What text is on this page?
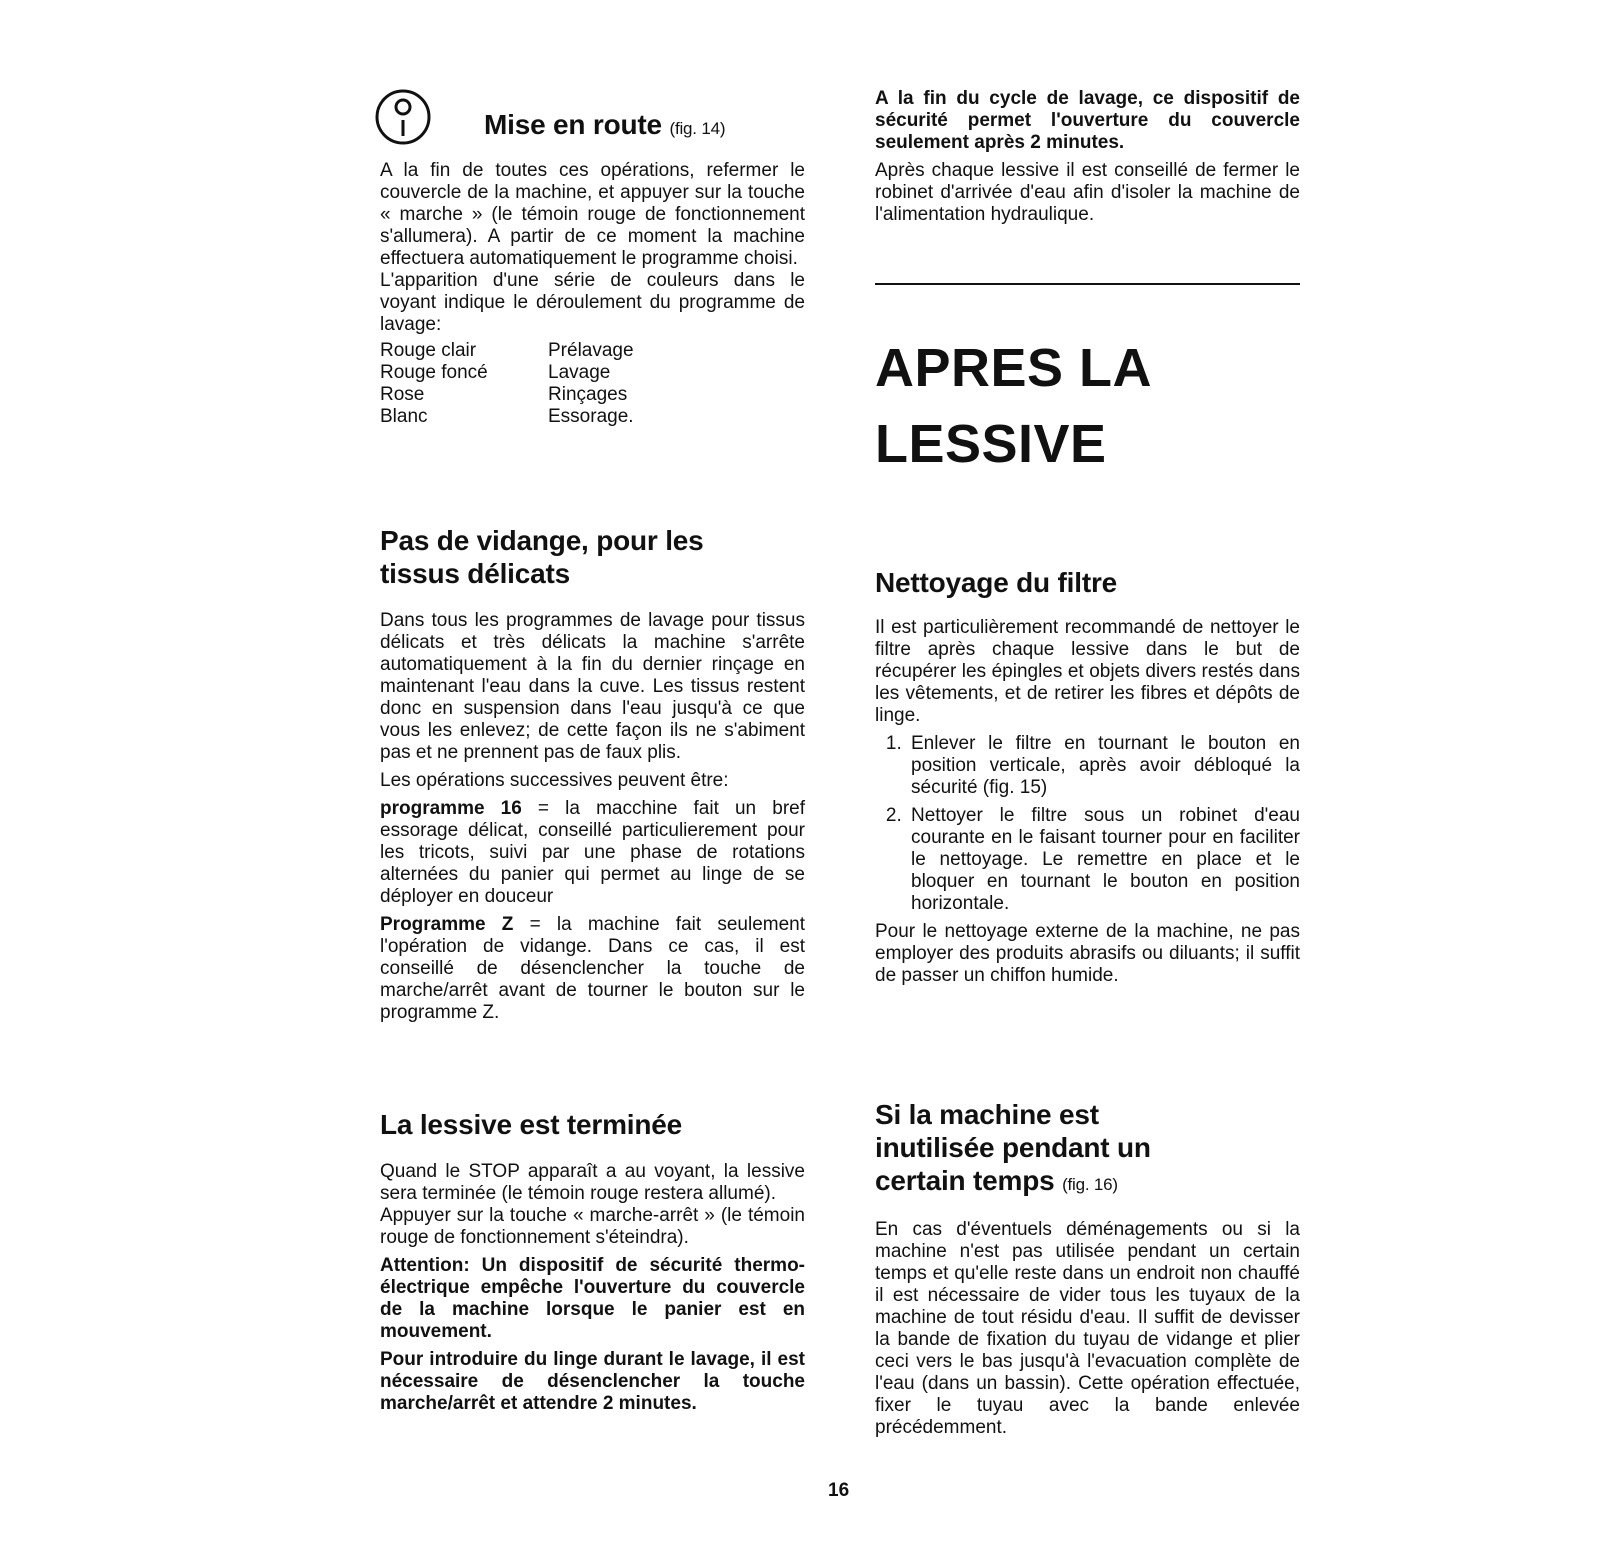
Mise en route (fig. 14)

A la fin de toutes ces opérations, refermer le couvercle de la machine, et appuyer sur la touche « marche » (le témoin rouge de fonctionnement s'allumera). A partir de ce moment la machine effectuera automatiquement le programme choisi.

L'apparition d'une série de couleurs dans le voyant indique le déroulement du programme de lavage:

Rouge clair	Prélavage
Rouge foncé	Lavage
Rose	Rinçages
Blanc	Essorage.
Pas de vidange, pour les
tissus délicats

Dans tous les programmes de lavage pour tissus délicats et très délicats la machine s'arrête automatiquement à la fin du dernier rinçage en maintenant l'eau dans la cuve. Les tissus restent donc en suspension dans l'eau jusqu'à ce que vous les enlevez; de cette façon ils ne s'abiment pas et ne prennent pas de faux plis.

Les opérations successives peuvent être:

programme 16 = la macchine fait un bref essorage délicat, conseillé particulierement pour les tricots, suivi par une phase de rotations alternées du panier qui permet au linge de se déployer en douceur

Programme Z = la machine fait seulement l'opération de vidange. Dans ce cas, il est conseillé de désenclencher la touche de marche/arrêt avant de tourner le bouton sur le programme Z.

La lessive est terminée

Quand le STOP apparaît a au voyant, la lessive sera terminée (le témoin rouge restera allumé).

Appuyer sur la touche « marche-arrêt » (le témoin rouge de fonctionnement s'éteindra).

Attention: Un dispositif de sécurité thermo-électrique empêche l'ouverture du couvercle de la machine lorsque le panier est en mouvement.

Pour introduire du linge durant le lavage, il est nécessaire de désenclencher la touche marche/arrêt et attendre 2 minutes.

A la fin du cycle de lavage, ce dispositif de sécurité permet l'ouverture du couvercle seulement après 2 minutes.

Après chaque lessive il est conseillé de fermer le robinet d'arrivée d'eau afin d'isoler la machine de l'alimentation hydraulique.

APRES LA
LESSIVE
Nettoyage du filtre

Il est particulièrement recommandé de nettoyer le filtre après chaque lessive dans le but de récupérer les épingles et objets divers restés dans les vêtements, et de retirer les fibres et dépôts de linge.

1. Enlever le filtre en tournant le bouton en position verticale, après avoir débloqué la sécurité (fig. 15)
2. Nettoyer le filtre sous un robinet d'eau courante en le faisant tourner pour en faciliter le nettoyage. Le remettre en place et le bloquer en tournant le bouton en position horizontale.

Pour le nettoyage externe de la machine, ne pas employer des produits abrasifs ou diluants; il suffit de passer un chiffon humide.

Si la machine est
inutilisée pendant un
certain temps (fig. 16)

En cas d'éventuels déménagements ou si la machine n'est pas utilisée pendant un certain temps et qu'elle reste dans un endroit non chauffé il est nécessaire de vider tous les tuyaux de la machine de tout résidu d'eau. Il suffit de devisser la bande de fixation du tuyau de vidange et plier ceci vers le bas jusqu'à l'evacuation complète de l'eau (dans un bassin). Cette opération effectuée, fixer le tuyau avec la bande enlevée précédemment.

16
